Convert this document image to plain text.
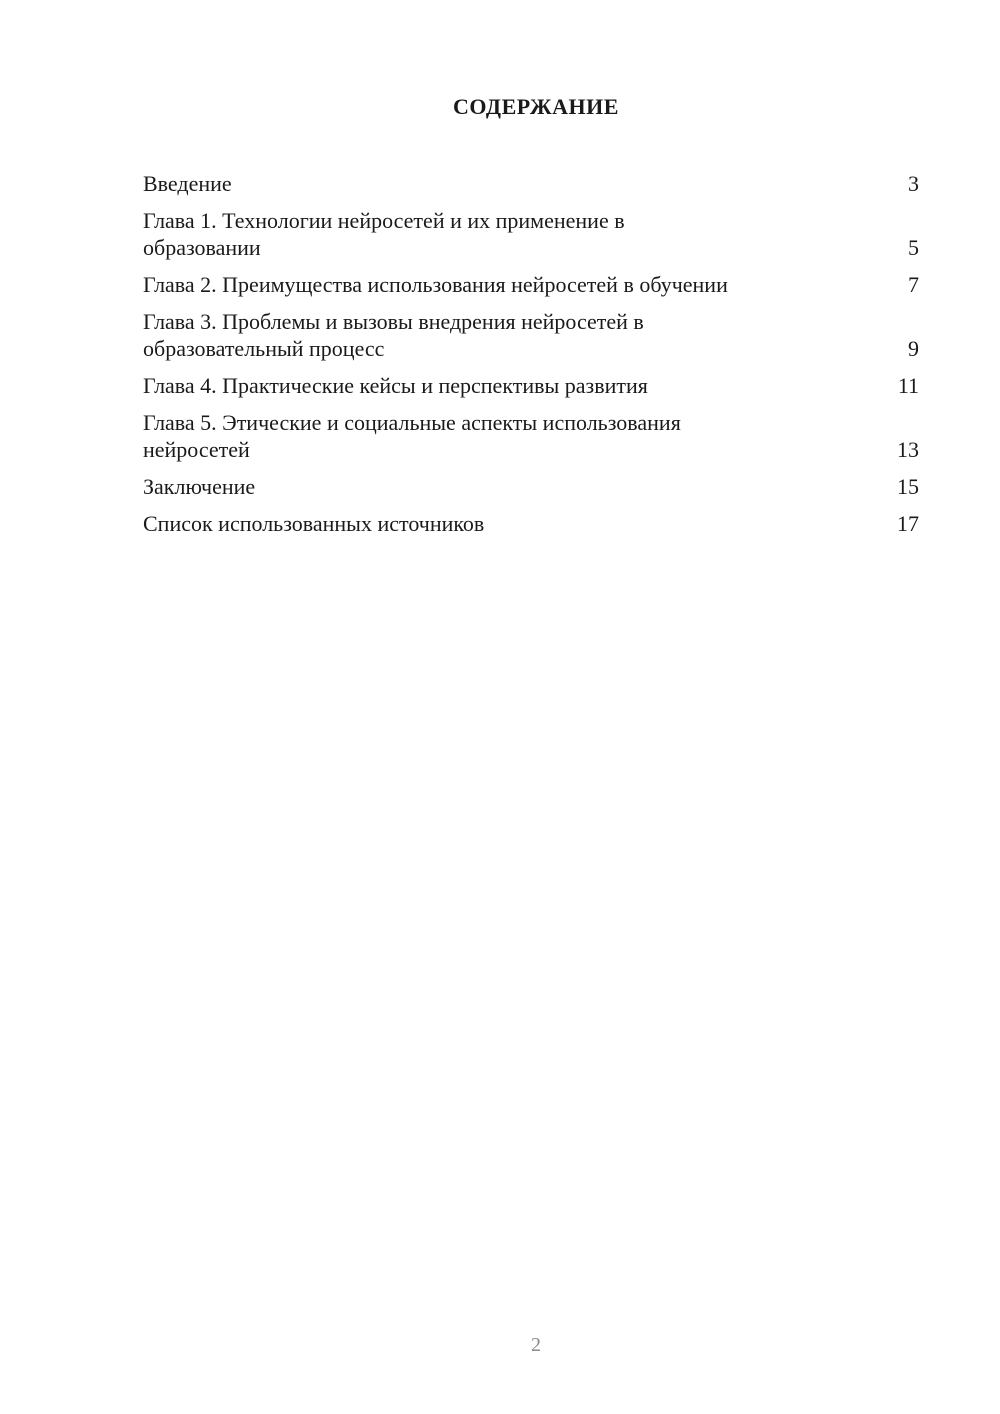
СОДЕРЖАНИЕ
Введение	3
Глава 1. Технологии нейросетей и их применение в
образовании	5
Глава 2. Преимущества использования нейросетей в обучении	7
Глава 3. Проблемы и вызовы внедрения нейросетей в
образовательный процесс	9
Глава 4. Практические кейсы и перспективы развития	11
Глава 5. Этические и социальные аспекты использования
нейросетей	13
Заключение	15
Список использованных источников	17
2
